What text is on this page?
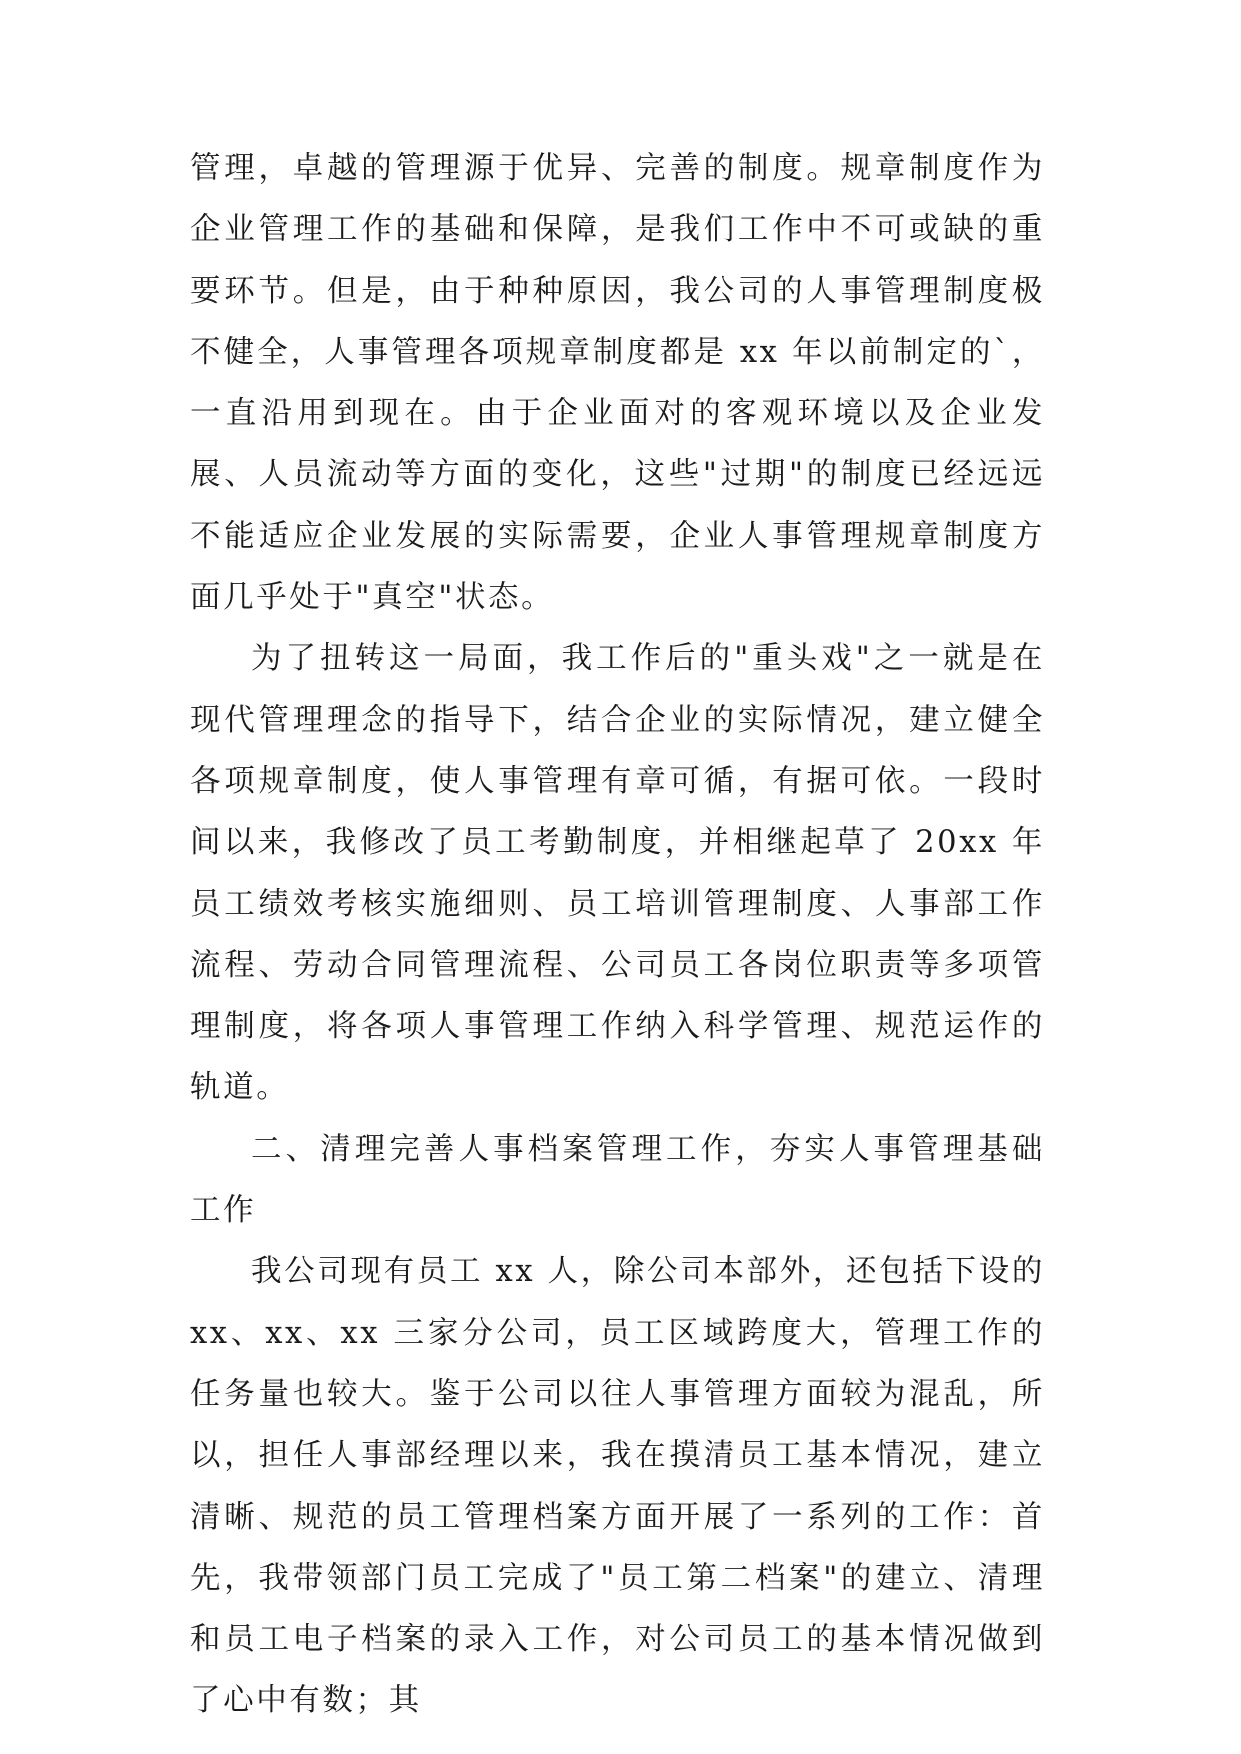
管理，卓越的管理源于优异、完善的制度。规章制度作为企业管理工作的基础和保障，是我们工作中不可或缺的重要环节。但是，由于种种原因，我公司的人事管理制度极不健全，人事管理各项规章制度都是 xx 年以前制定的`，一直沿用到现在。由于企业面对的客观环境以及企业发展、人员流动等方面的变化，这些"过期"的制度已经远远不能适应企业发展的实际需要，企业人事管理规章制度方面几乎处于"真空"状态。

为了扭转这一局面，我工作后的"重头戏"之一就是在现代管理理念的指导下，结合企业的实际情况，建立健全各项规章制度，使人事管理有章可循，有据可依。一段时间以来，我修改了员工考勤制度，并相继起草了 20xx 年员工绩效考核实施细则、员工培训管理制度、人事部工作流程、劳动合同管理流程、公司员工各岗位职责等多项管理制度，将各项人事管理工作纳入科学管理、规范运作的轨道。

二、清理完善人事档案管理工作，夯实人事管理基础工作

我公司现有员工 xx 人，除公司本部外，还包括下设的 xx、xx、xx 三家分公司，员工区域跨度大，管理工作的任务量也较大。鉴于公司以往人事管理方面较为混乱，所以，担任人事部经理以来，我在摸清员工基本情况，建立清晰、规范的员工管理档案方面开展了一系列的工作：首先，我带领部门员工完成了"员工第二档案"的建立、清理和员工电子档案的录入工作，对公司员工的基本情况做到了心中有数；其
